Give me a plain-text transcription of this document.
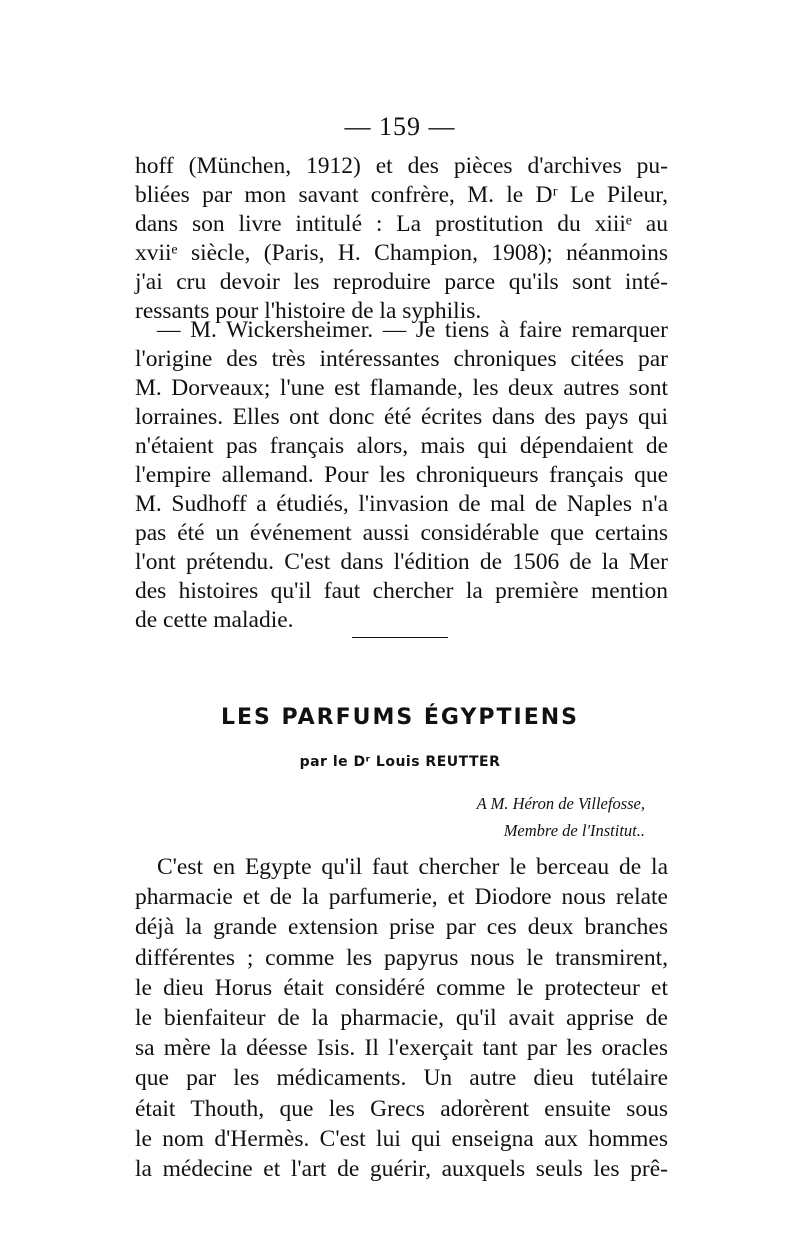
— 159 —
hoff (München, 1912) et des pièces d'archives pu-
bliées par mon savant confrère, M. le Dʳ Le Pileur,
dans son livre intitulé : La prostitution du xiiiᵉ au
xviiᵉ siècle, (Paris, H. Champion, 1908); néanmoins
j'ai cru devoir les reproduire parce qu'ils sont inté-
ressants pour l'histoire de la syphilis.
— M. Wickersheimer. — Je tiens à faire remarquer
l'origine des très intéressantes chroniques citées par
M. Dorveaux; l'une est flamande, les deux autres sont
lorraines. Elles ont donc été écrites dans des pays qui
n'étaient pas français alors, mais qui dépendaient de
l'empire allemand. Pour les chroniqueurs français que
M. Sudhoff a étudiés, l'invasion de mal de Naples n'a
pas été un événement aussi considérable que certains
l'ont prétendu. C'est dans l'édition de 1506 de la Mer
des histoires qu'il faut chercher la première mention
de cette maladie.
LES PARFUMS ÉGYPTIENS
par le Dʳ Louis REUTTER
A M. Héron de Villefosse,
Membre de l'Institut..
C'est en Egypte qu'il faut chercher le berceau de la
pharmacie et de la parfumerie, et Diodore nous relate
déjà la grande extension prise par ces deux branches
différentes ; comme les papyrus nous le transmirent,
le dieu Horus était considéré comme le protecteur et
le bienfaiteur de la pharmacie, qu'il avait apprise de
sa mère la déesse Isis. Il l'exerçait tant par les oracles
que par les médicaments. Un autre dieu tutélaire
était Thouth, que les Grecs adorèrent ensuite sous
le nom d'Hermès. C'est lui qui enseigna aux hommes
la médecine et l'art de guérir, auxquels seuls les prê-
